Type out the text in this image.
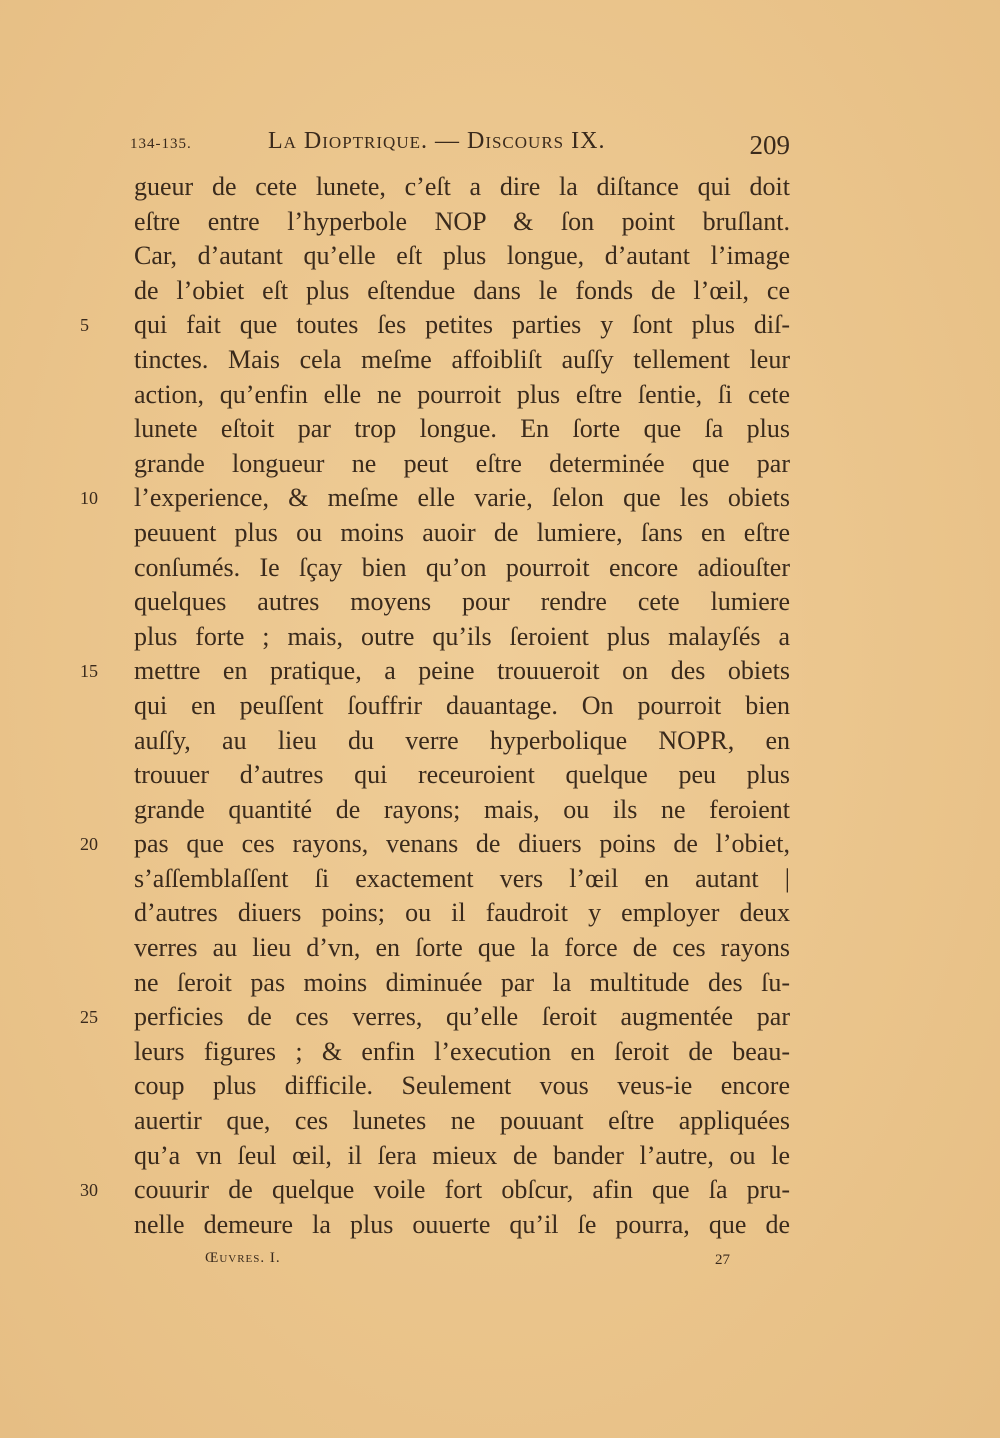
134-135.	La Dioptrique. — Discours IX.	209
gueur de cete lunete, c’eſt a dire la diſtance qui doit
eſtre entre l’hyperbole NOP & ſon point bruſlant.
Car, d’autant qu’elle eſt plus longue, d’autant l’image
de l’obiet eſt plus eſtendue dans le fonds de l’œil, ce
5	qui fait que toutes ſes petites parties y ſont plus diſ-
tinctes. Mais cela meſme affoibliſt auſſy tellement leur
action, qu’enfin elle ne pourroit plus eſtre ſentie, ſi cete
lunete eſtoit par trop longue. En ſorte que ſa plus
grande longueur ne peut eſtre determinée que par
10	l’experience, & meſme elle varie, ſelon que les obiets
peuuent plus ou moins auoir de lumiere, ſans en eſtre
conſumés. Ie ſçay bien qu’on pourroit encore adiouſter
quelques autres moyens pour rendre cete lumiere
plus forte ; mais, outre qu’ils ſeroient plus malayſés a
15	mettre en pratique, a peine trouueroit on des obiets
qui en peuſſent ſouffrir dauantage. On pourroit bien
auſſy, au lieu du verre hyperbolique NOPR, en
trouuer d’autres qui receuroient quelque peu plus
grande quantité de rayons; mais, ou ils ne feroient
20	pas que ces rayons, venans de diuers poins de l’obiet,
s’aſſemblaſſent ſi exactement vers l’œil en autant |
d’autres diuers poins; ou il faudroit y employer deux
verres au lieu d’vn, en ſorte que la force de ces rayons
ne ſeroit pas moins diminuée par la multitude des ſu-
25	perficies de ces verres, qu’elle ſeroit augmentée par
leurs figures ; & enfin l’execution en ſeroit de beau-
coup plus difficile. Seulement vous veus-ie encore
auertir que, ces lunetes ne pouuant eſtre appliquées
qu’a vn ſeul œil, il ſera mieux de bander l’autre, ou le
30	couurir de quelque voile fort obſcur, afin que ſa pru-
nelle demeure la plus ouuerte qu’il ſe pourra, que de
Œuvres. I.	27
